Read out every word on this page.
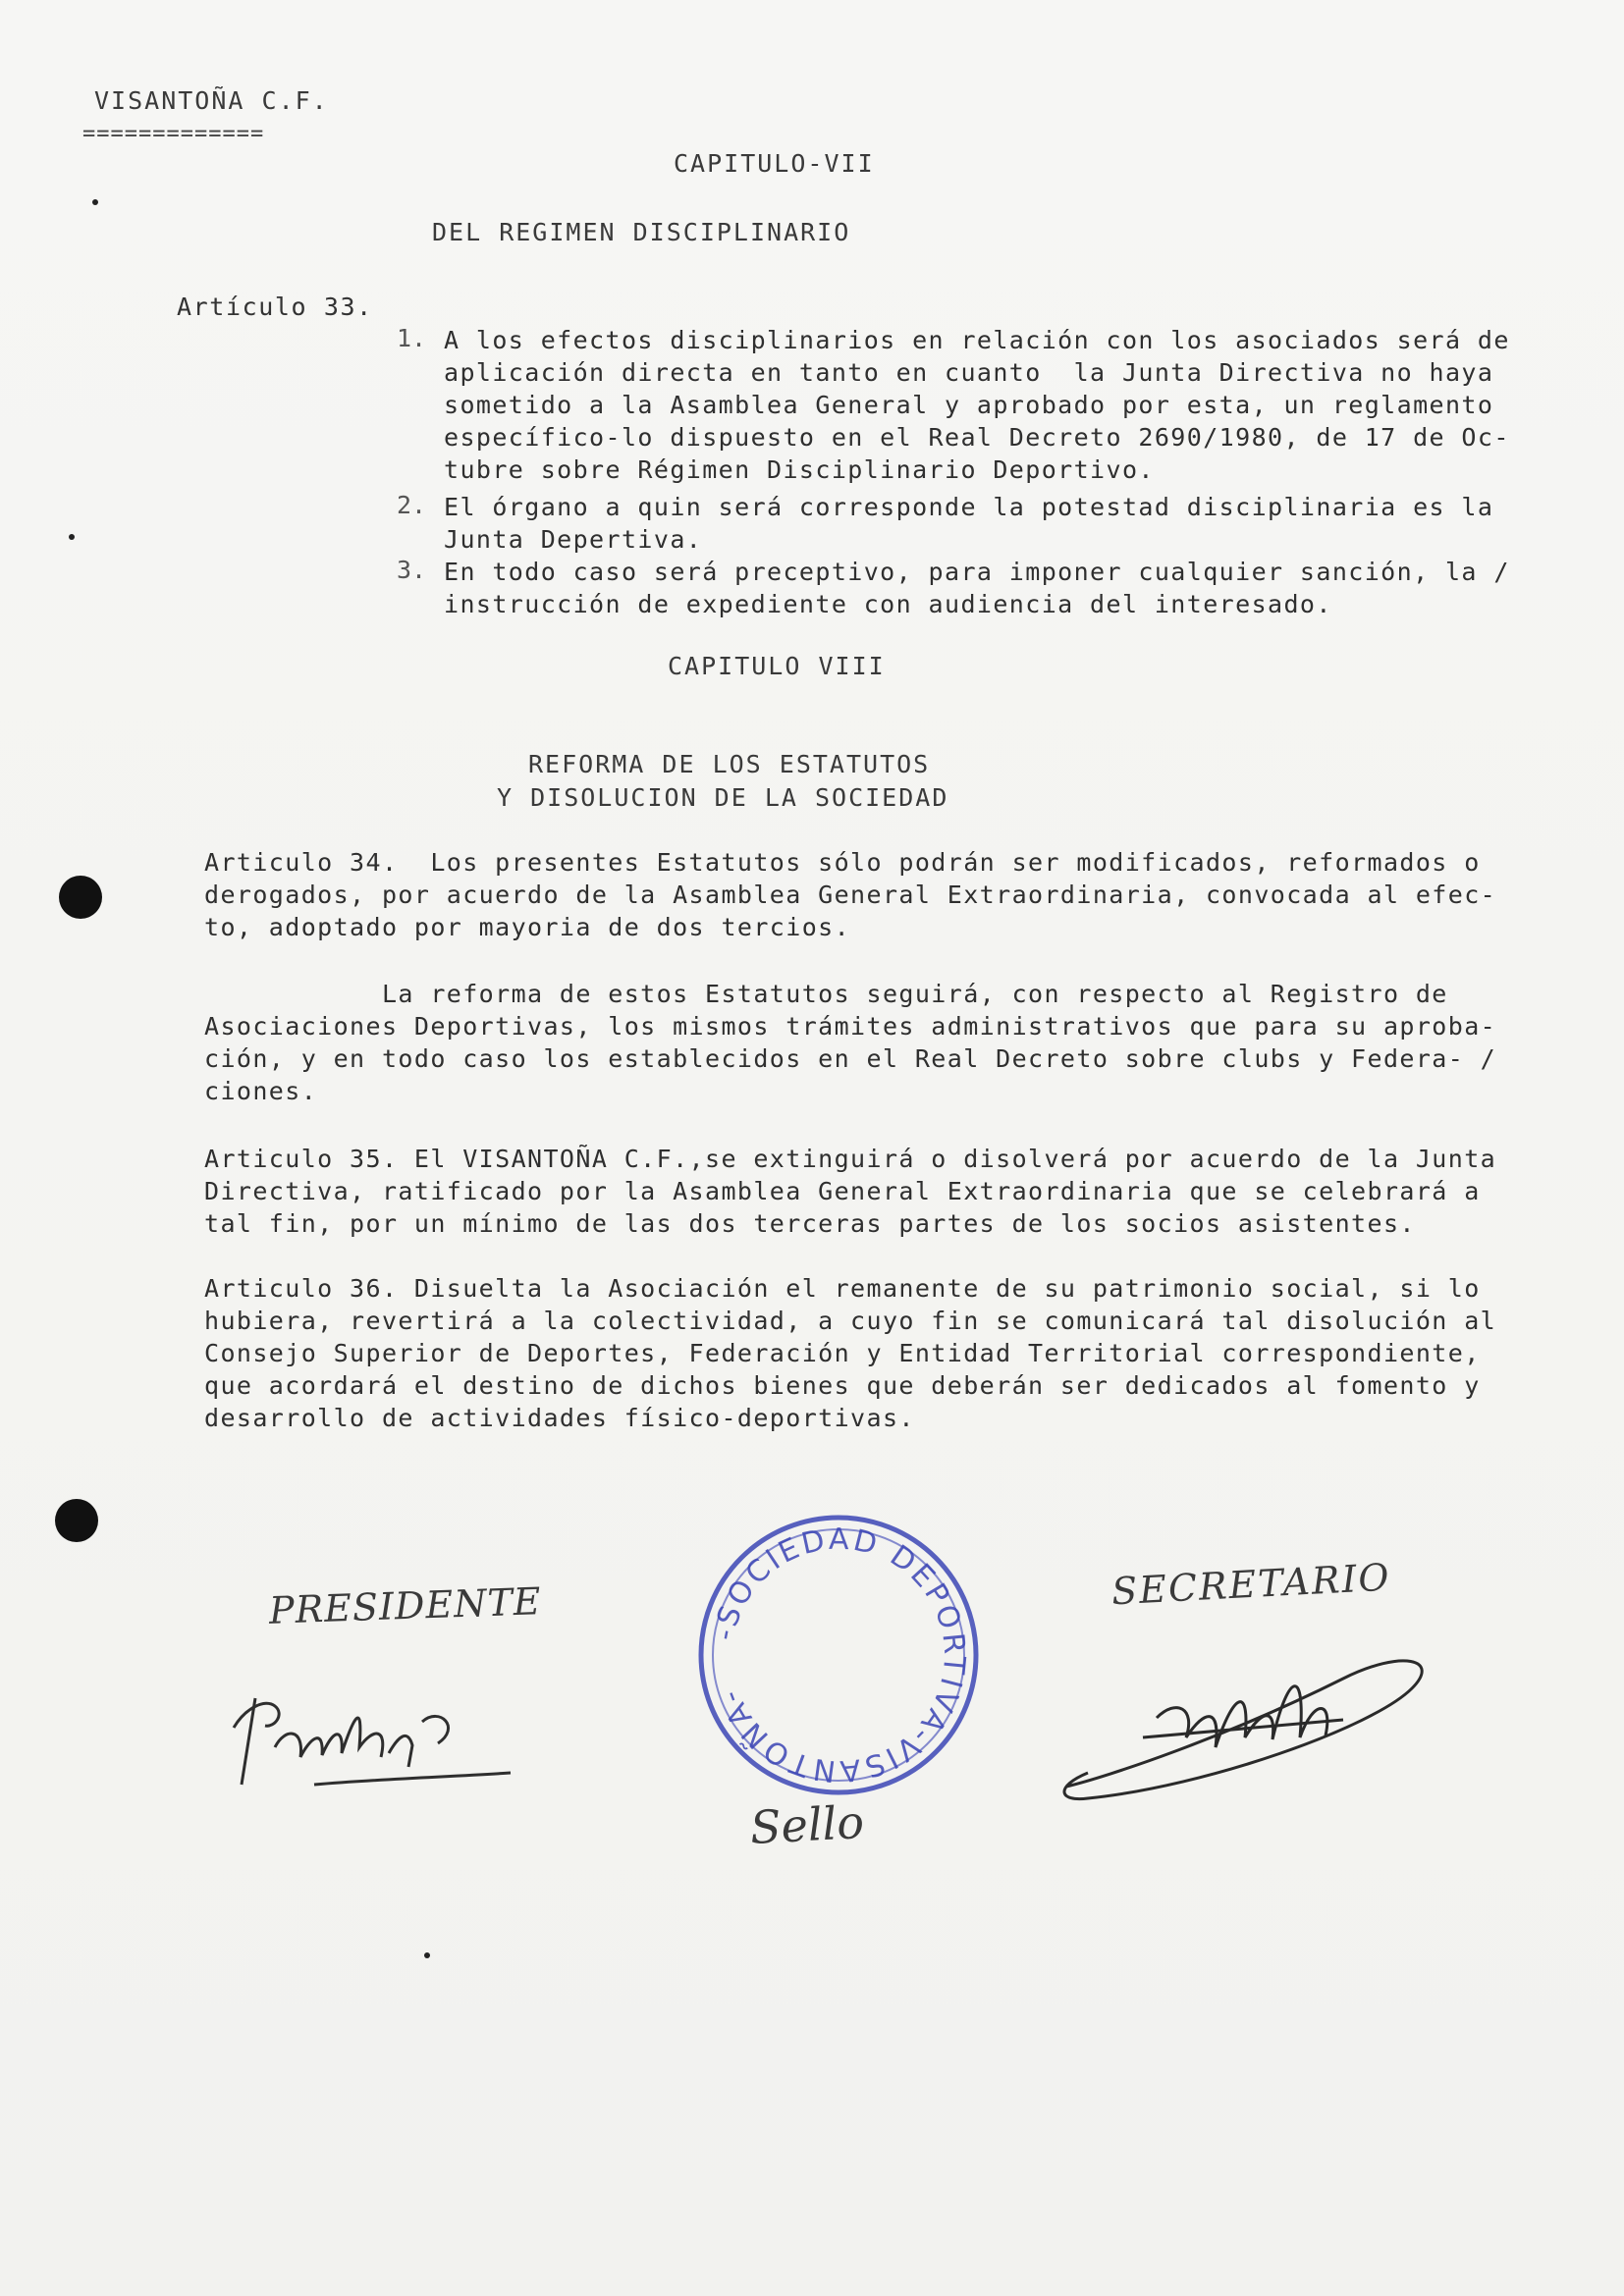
VISANTOÑA C.F.
=============
CAPITULO-VII
DEL REGIMEN DISCIPLINARIO
Artículo 33.
1. A los efectos disciplinarios en relación con los asociados será de
aplicación directa en tanto en cuanto  la Junta Directiva no haya
sometido a la Asamblea General y aprobado por esta, un reglamento
específico-lo dispuesto en el Real Decreto 2690/1980, de 17 de Oc-
tubre sobre Régimen Disciplinario Deportivo.
2. El órgano a quin será corresponde la potestad disciplinaria es la
Junta Depertiva.
3. En todo caso será preceptivo, para imponer cualquier sanción, la /
instrucción de expediente con audiencia del interesado.
CAPITULO VIII
REFORMA DE LOS ESTATUTOS
Y DISOLUCION DE LA SOCIEDAD
Articulo 34.  Los presentes Estatutos sólo podrán ser modificados, reformados o
derogados, por acuerdo de la Asamblea General Extraordinaria, convocada al efec-
to, adoptado por mayoria de dos tercios.
La reforma de estos Estatutos seguirá, con respecto al Registro de
Asociaciones Deportivas, los mismos trámites administrativos que para su aproba-
ción, y en todo caso los establecidos en el Real Decreto sobre clubs y Federa- /
ciones.
Articulo 35. El VISANTOÑA C.F.,se extinguirá o disolverá por acuerdo de la Junta
Directiva, ratificado por la Asamblea General Extraordinaria que se celebrará a
tal fin, por un mínimo de las dos terceras partes de los socios asistentes.
Articulo 36. Disuelta la Asociación el remanente de su patrimonio social, si lo
hubiera, revertirá a la colectividad, a cuyo fin se comunicará tal disolución al
Consejo Superior de Deportes, Federación y Entidad Territorial correspondiente,
que acordará el destino de dichos bienes que deberán ser dedicados al fomento y
desarrollo de actividades físico-deportivas.
PRESIDENTE
-SOCIEDAD DEPORTIVA-VISANTOÑA-
Sello
SECRETARIO
